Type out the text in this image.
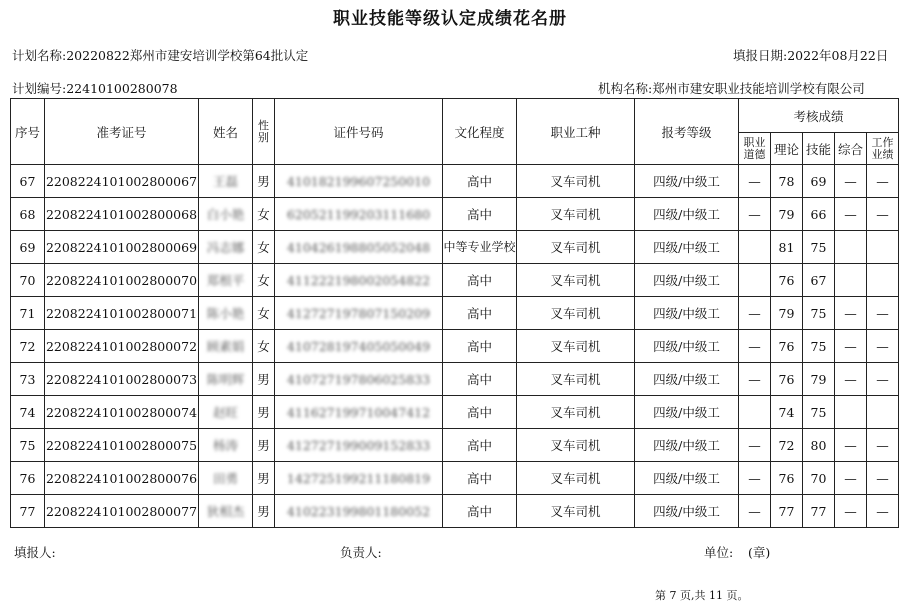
职业技能等级认定成绩花名册
计划名称:20220822郑州市建安培训学校第64批认定	填报日期:2022年08月22日
计划编号:22410100280078	机构名称:郑州市建安职业技能培训学校有限公司
序号	准考证号	姓名	性别	证件号码	文化程度	职业工种	报考等级	考核成绩				
								职业道德	理论	技能	综合	工作业绩
67	2208224101002800067	王磊	男	410182199607250010	高中	叉车司机	四级/中级工	—	78	69	—	—
68	2208224101002800068	白小艳	女	620521199203111680	高中	叉车司机	四级/中级工	—	79	66	—	—
69	2208224101002800069	冯志娜	女	410426198805052048	中等专业学校	叉车司机	四级/中级工		81	75		
70	2208224101002800070	郑根平	女	411222198002054822	高中	叉车司机	四级/中级工		76	67		
71	2208224101002800071	陈小艳	女	412727197807150209	高中	叉车司机	四级/中级工	—	79	75	—	—
72	2208224101002800072	顾素娟	女	410728197405050049	高中	叉车司机	四级/中级工	—	76	75	—	—
73	2208224101002800073	陈明辉	男	410727197806025833	高中	叉车司机	四级/中级工	—	76	79	—	—
74	2208224101002800074	赵旺	男	411627199710047412	高中	叉车司机	四级/中级工		74	75		
75	2208224101002800075	杨涛	男	412727199009152833	高中	叉车司机	四级/中级工	—	72	80	—	—
76	2208224101002800076	田勇	男	142725199211180819	高中	叉车司机	四级/中级工	—	76	70	—	—
77	2208224101002800077	狄相杰	男	410223199801180052	高中	叉车司机	四级/中级工	—	77	77	—	—
填报人:	负责人:	单位: (章)
第 7 页,共 11 页。
